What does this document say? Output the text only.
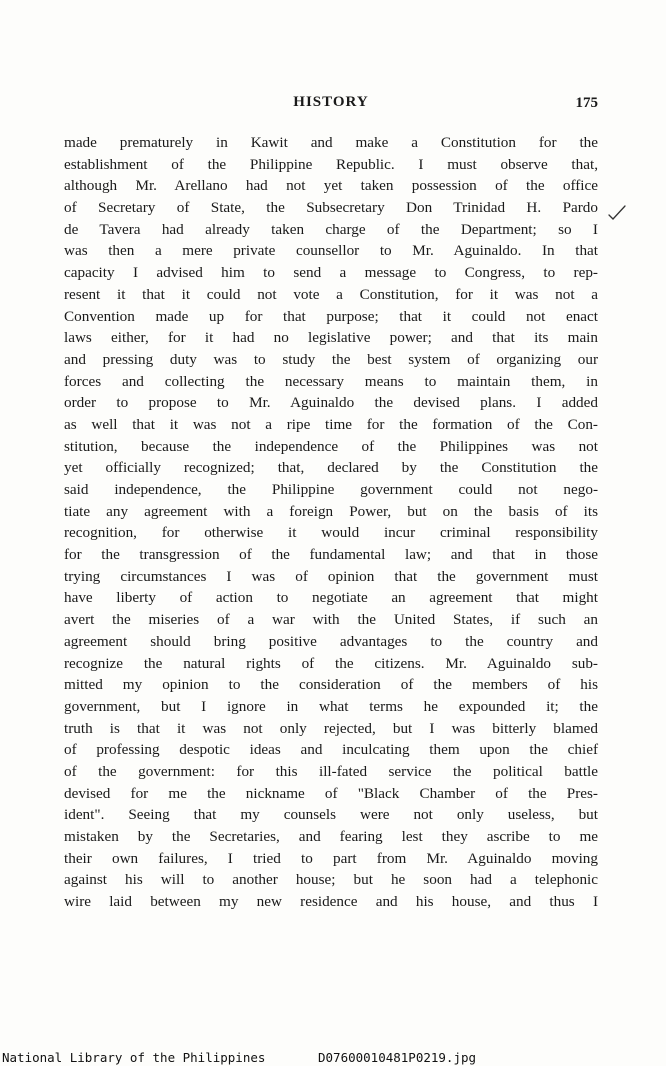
HISTORY	175
made prematurely in Kawit and make a Constitution for the
establishment of the Philippine Republic. I must observe that,
although Mr. Arellano had not yet taken possession of the office
of Secretary of State, the Subsecretary Don Trinidad H. Pardo
de Tavera had already taken charge of the Department; so I
was then a mere private counsellor to Mr. Aguinaldo. In that
capacity I advised him to send a message to Congress, to rep-
resent it that it could not vote a Constitution, for it was not a
Convention made up for that purpose; that it could not enact
laws either, for it had no legislative power; and that its main
and pressing duty was to study the best system of organizing our
forces and collecting the necessary means to maintain them, in
order to propose to Mr. Aguinaldo the devised plans. I added
as well that it was not a ripe time for the formation of the Con-
stitution, because the independence of the Philippines was not
yet officially recognized; that, declared by the Constitution the
said independence, the Philippine government could not nego-
tiate any agreement with a foreign Power, but on the basis of its
recognition, for otherwise it would incur criminal responsibility
for the transgression of the fundamental law; and that in those
trying circumstances I was of opinion that the government must
have liberty of action to negotiate an agreement that might
avert the miseries of a war with the United States, if such an
agreement should bring positive advantages to the country and
recognize the natural rights of the citizens. Mr. Aguinaldo sub-
mitted my opinion to the consideration of the members of his
government, but I ignore in what terms he expounded it; the
truth is that it was not only rejected, but I was bitterly blamed
of professing despotic ideas and inculcating them upon the chief
of the government: for this ill-fated service the political battle
devised for me the nickname of "Black Chamber of the Pres-
ident". Seeing that my counsels were not only useless, but
mistaken by the Secretaries, and fearing lest they ascribe to me
their own failures, I tried to part from Mr. Aguinaldo moving
against his will to another house; but he soon had a telephonic
wire laid between my new residence and his house, and thus I
National Library of the Philippines	D07600010481P0219.jpg
